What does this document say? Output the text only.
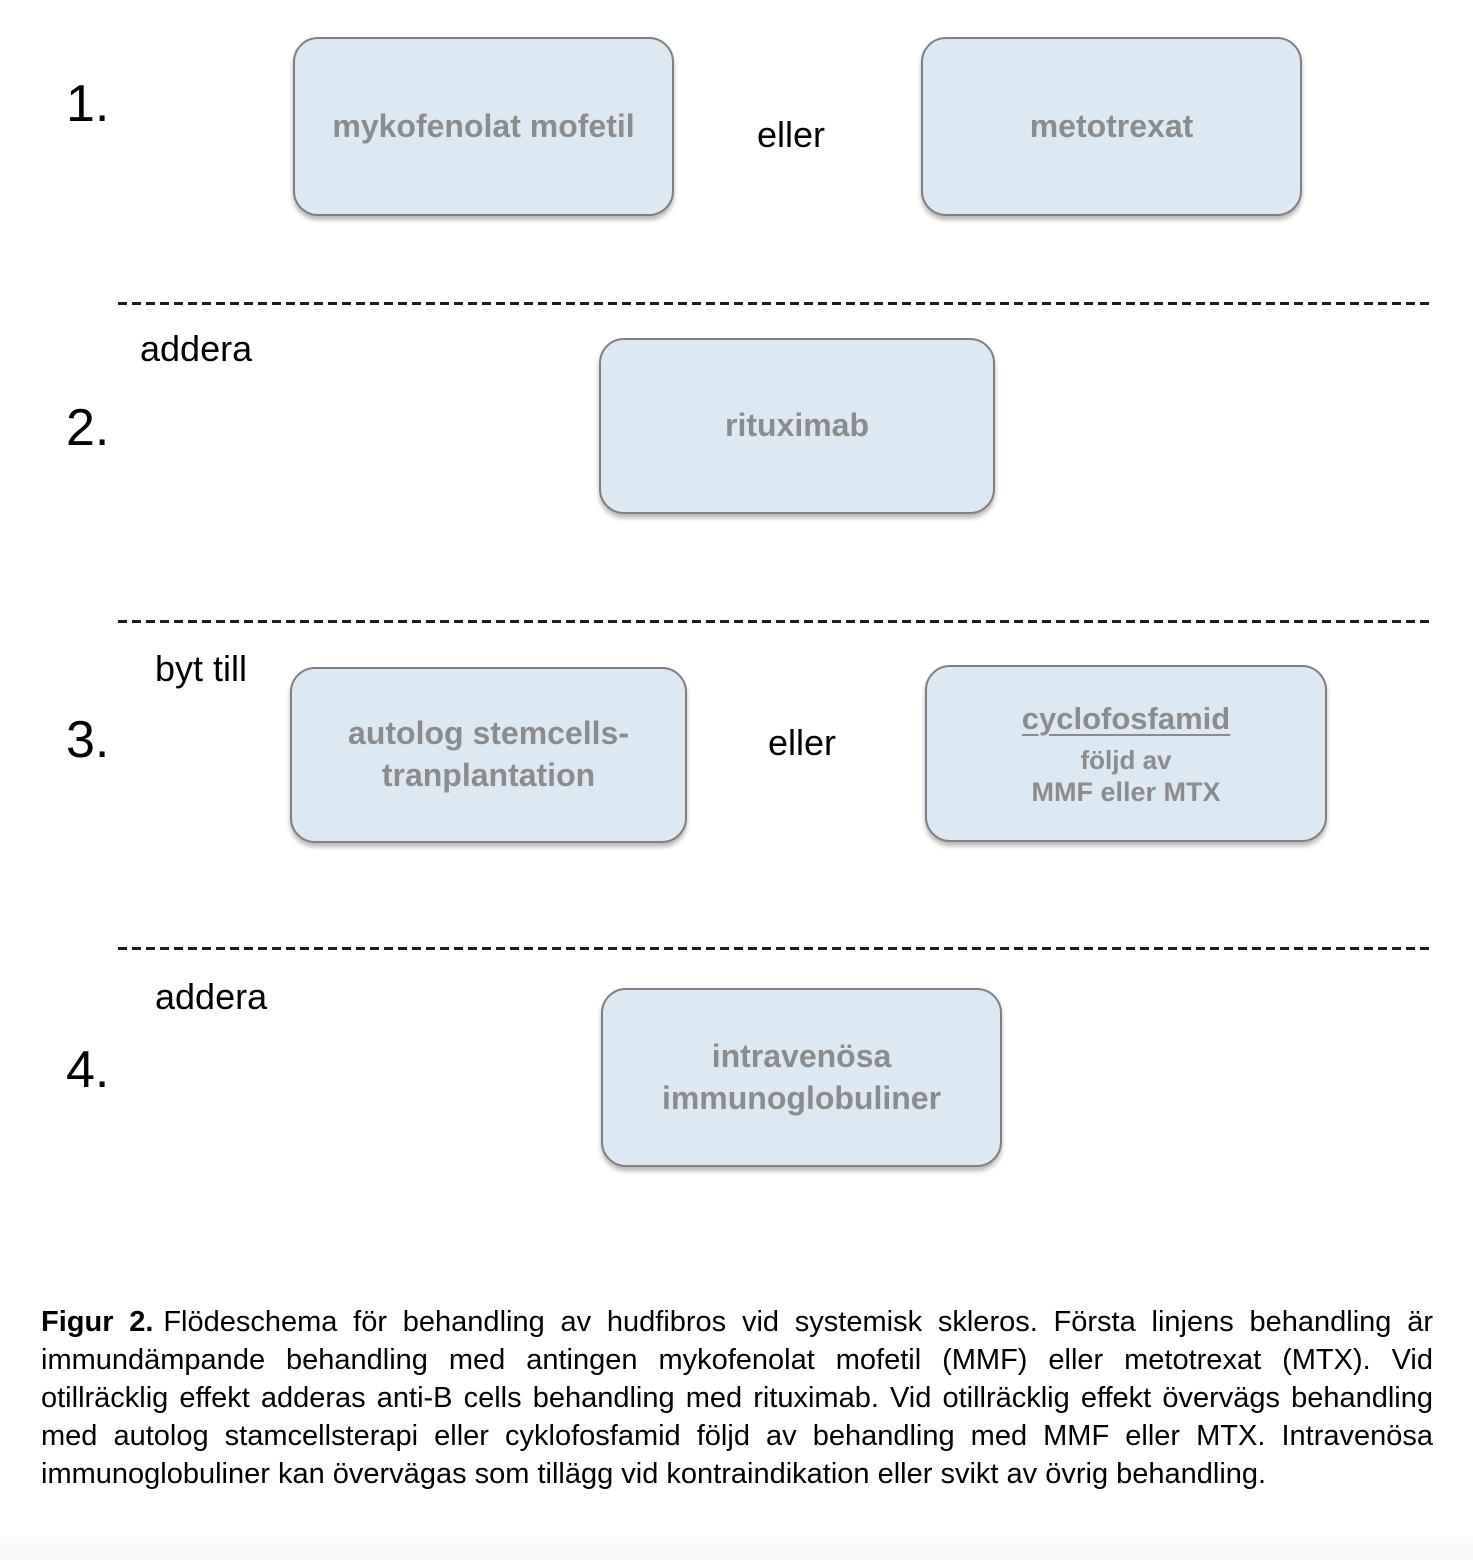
1.	mykofenolat mofetil	eller	metotrexat
addera
2.	rituximab
byt till
3.	autolog stemcells-
tranplantation
eller
cyclofosfamid
följd av
MMF eller MTX
addera
4.	intravenösa
immunoglobuliner

Figur 2. Flödeschema för behandling av hudfibros vid systemisk skleros. Första linjens behandling är immundämpande behandling med antingen mykofenolat mofetil (MMF) eller metotrexat (MTX). Vid otillräcklig effekt adderas anti-B cells behandling med rituximab. Vid otillräcklig effekt övervägs behandling med autolog stamcellsterapi eller cyklofosfamid följd av behandling med MMF eller MTX. Intravenösa immunoglobuliner kan övervägas som tillägg vid kontraindikation eller svikt av övrig behandling.
